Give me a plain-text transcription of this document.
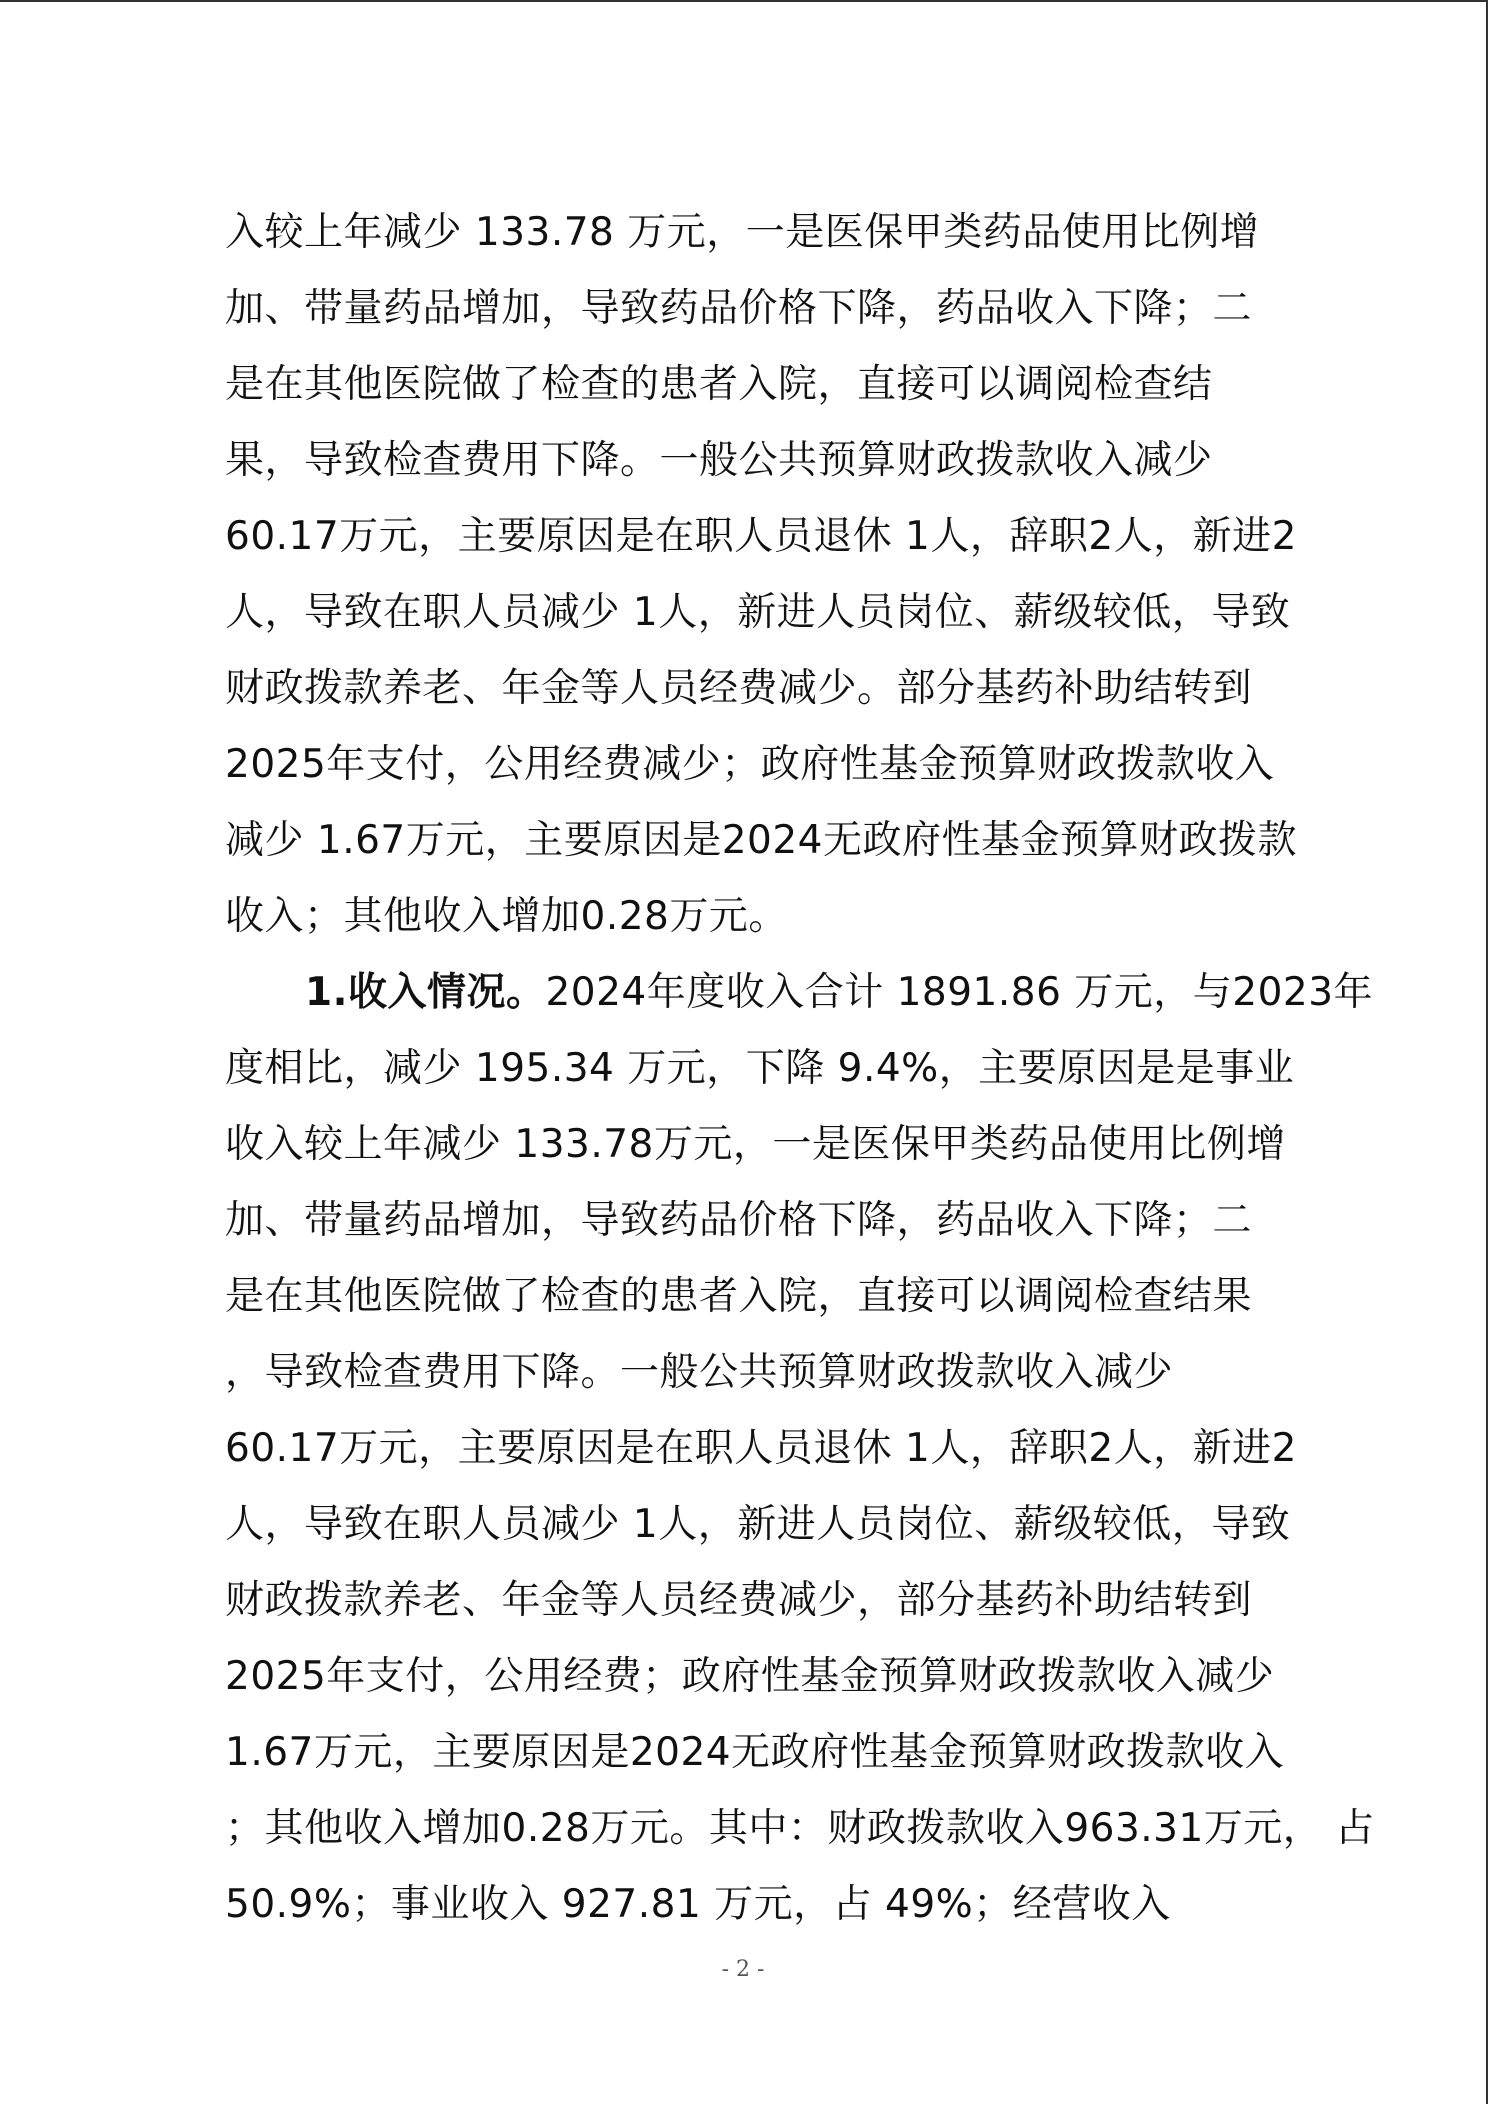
入较上年减少 133.78 万元，一是医保甲类药品使用比例增
加、带量药品增加，导致药品价格下降，药品收入下降；二
是在其他医院做了检查的患者入院，直接可以调阅检查结
果，导致检查费用下降。一般公共预算财政拨款收入减少
60.17万元，主要原因是在职人员退休 1人，辞职2人，新进2
人，导致在职人员减少 1人，新进人员岗位、薪级较低，导致
财政拨款养老、年金等人员经费减少。部分基药补助结转到
2025年支付，公用经费减少；政府性基金预算财政拨款收入
减少 1.67万元，主要原因是2024无政府性基金预算财政拨款
收入；其他收入增加0.28万元。
1.收入情况。2024年度收入合计 1891.86 万元，与2023年
度相比，减少 195.34 万元，下降 9.4%，主要原因是是事业
收入较上年减少 133.78万元，一是医保甲类药品使用比例增
加、带量药品增加，导致药品价格下降，药品收入下降；二
是在其他医院做了检查的患者入院，直接可以调阅检查结果
，导致检查费用下降。一般公共预算财政拨款收入减少
60.17万元，主要原因是在职人员退休 1人，辞职2人，新进2
人，导致在职人员减少 1人，新进人员岗位、薪级较低，导致
财政拨款养老、年金等人员经费减少，部分基药补助结转到
2025年支付，公用经费；政府性基金预算财政拨款收入减少
1.67万元，主要原因是2024无政府性基金预算财政拨款收入
；其他收入增加0.28万元。其中：财政拨款收入963.31万元， 占
50.9%；事业收入 927.81 万元，占 49%；经营收入
- 2 -
